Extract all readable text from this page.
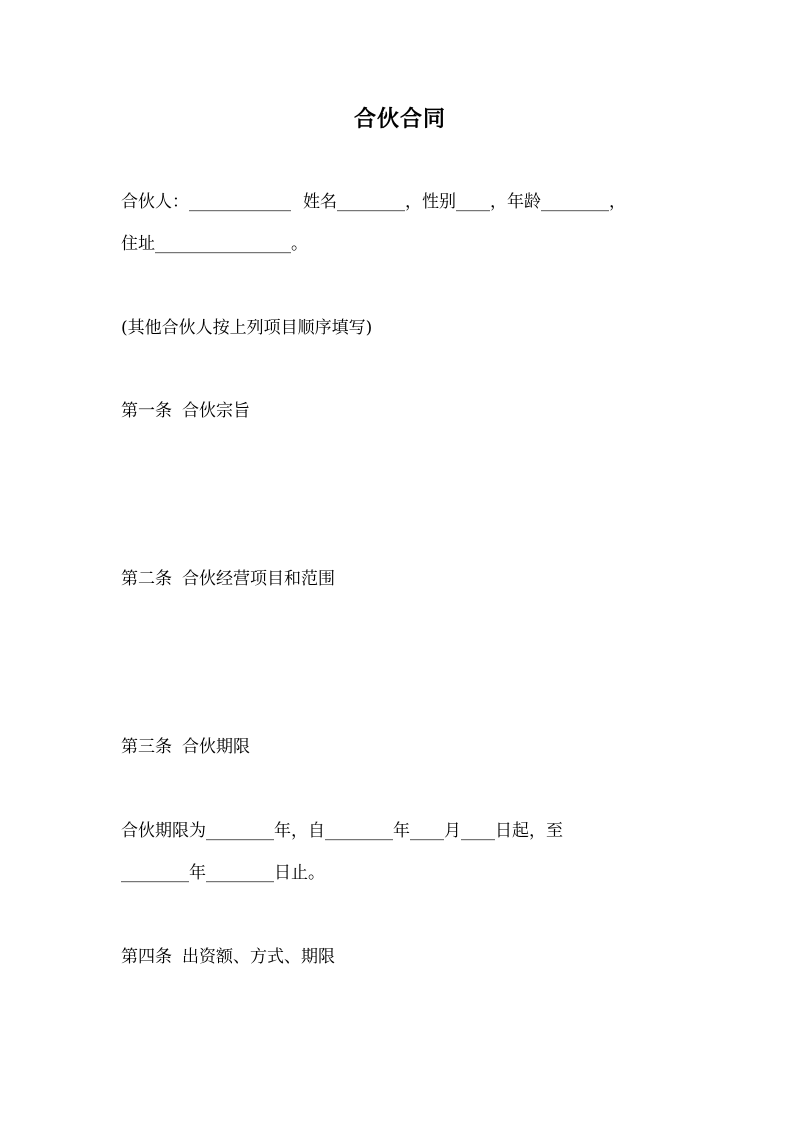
合伙合同

合伙人：____________ 姓名________，性别____，年龄________，

住址________________。

(其他合伙人按上列项目顺序填写)

第一条 合伙宗旨

第二条 合伙经营项目和范围

第三条 合伙期限

合伙期限为________年，自________年____月____日起，至

________年________日止。

第四条 出资额、方式、期限
